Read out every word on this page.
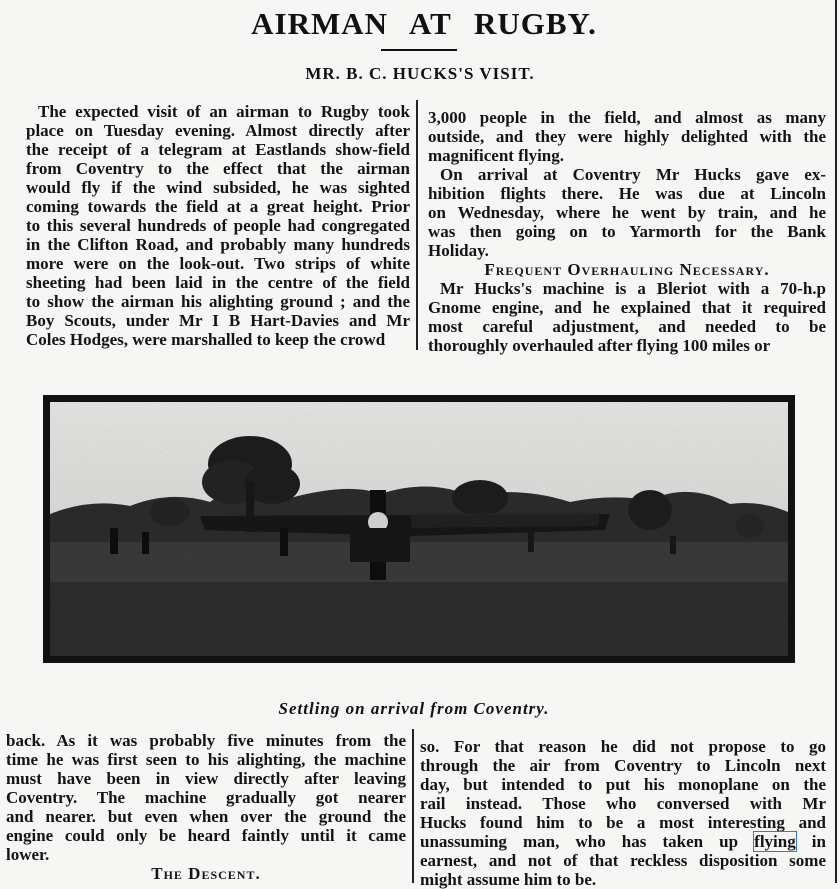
AIRMAN AT RUGBY.
MR. B. C. HUCKS'S VISIT.
The expected visit of an airman to Rugby took
place on Tuesday evening. Almost directly after
the receipt of a telegram at Eastlands show-field
from Coventry to the effect that the airman
would fly if the wind subsided, he was sighted
coming towards the field at a great height. Prior
to this several hundreds of people had congregated
in the Clifton Road, and probably many hundreds
more were on the look-out. Two strips of white
sheeting had been laid in the centre of the field
to show the airman his alighting ground ; and the
Boy Scouts, under Mr I B Hart-Davies and Mr
Coles Hodges, were marshalled to keep the crowd
3,000 people in the field, and almost as many
outside, and they were highly delighted with the
magnificent flying.
On arrival at Coventry Mr Hucks gave ex-
hibition flights there. He was due at Lincoln
on Wednesday, where he went by train, and he
was then going on to Yarmorth for the Bank
Holiday.
Frequent Overhauling Necessary.
Mr Hucks's machine is a Bleriot with a 70-h.p
Gnome engine, and he explained that it required
most careful adjustment, and needed to be
thoroughly overhauled after flying 100 miles or
Settling on arrival from Coventry.
back. As it was probably five minutes from the
time he was first seen to his alighting, the machine
must have been in view directly after leaving
Coventry. The machine gradually got nearer
and nearer. but even when over the ground the
engine could only be heard faintly until it came
lower.
The Descent.
so. For that reason he did not propose to go
through the air from Coventry to Lincoln next
day, but intended to put his monoplane on the
rail instead. Those who conversed with Mr
Hucks found him to be a most interesting and
unassuming man, who has taken up flying in
earnest, and not of that reckless disposition some
might assume him to be.
